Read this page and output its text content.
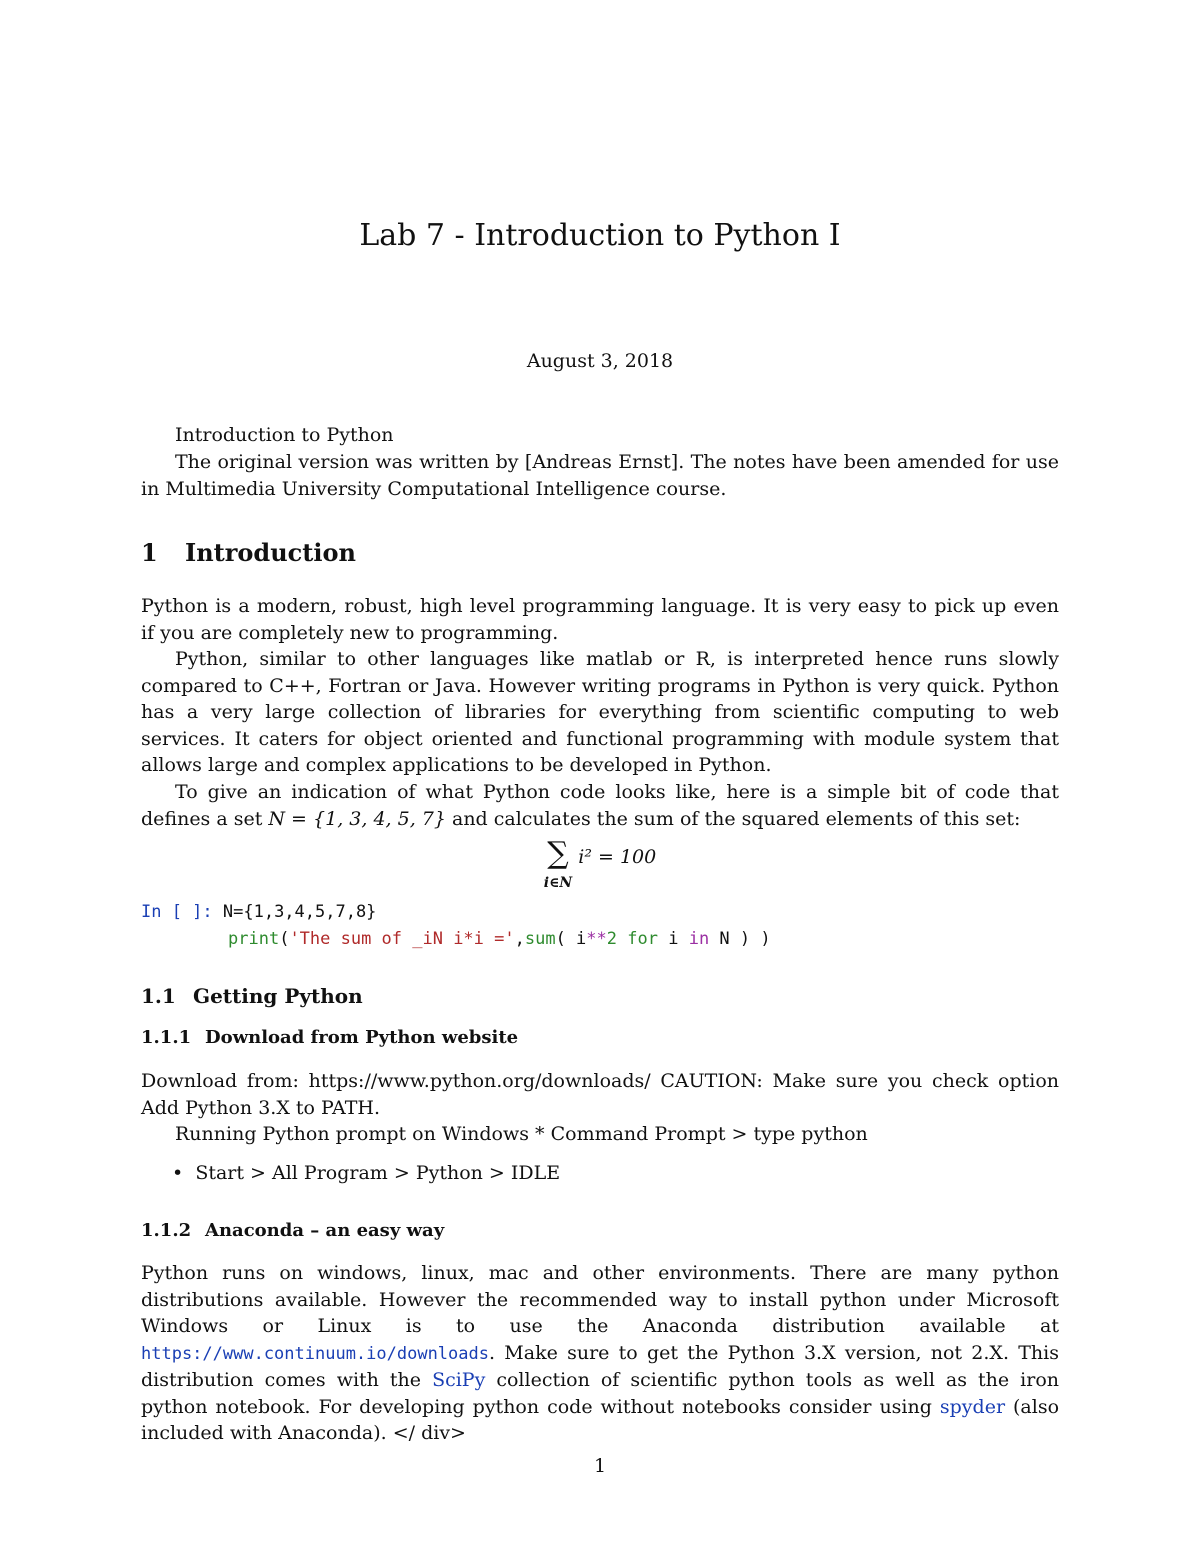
Lab 7 - Introduction to Python I
August 3, 2018
Introduction to Python
The original version was written by [Andreas Ernst]. The notes have been amended for use in Multimedia University Computational Intelligence course.
1 Introduction
Python is a modern, robust, high level programming language. It is very easy to pick up even if you are completely new to programming.
Python, similar to other languages like matlab or R, is interpreted hence runs slowly compared to C++, Fortran or Java. However writing programs in Python is very quick. Python has a very large collection of libraries for everything from scientific computing to web services. It caters for object oriented and functional programming with module system that allows large and complex applications to be developed in Python.
To give an indication of what Python code looks like, here is a simple bit of code that defines a set N = {1, 3, 4, 5, 7} and calculates the sum of the squared elements of this set:
∑
i∈N i² = 100
In [ ]: N={1,3,4,5,7,8}
print('The sum of _iN i*i =',sum( i**2 for i in N ) )
1.1 Getting Python
1.1.1 Download from Python website
Download from: https://www.python.org/downloads/ CAUTION: Make sure you check option Add Python 3.X to PATH.
Running Python prompt on Windows * Command Prompt > type python
• Start > All Program > Python > IDLE
1.1.2 Anaconda – an easy way
Python runs on windows, linux, mac and other environments. There are many python distributions available. However the recommended way to install python under Microsoft Windows or Linux is to use the Anaconda distribution available at https://www.continuum.io/downloads. Make sure to get the Python 3.X version, not 2.X. This distribution comes with the SciPy collection of scientific python tools as well as the iron python notebook. For developing python code without notebooks consider using spyder (also included with Anaconda). </ div>
1
